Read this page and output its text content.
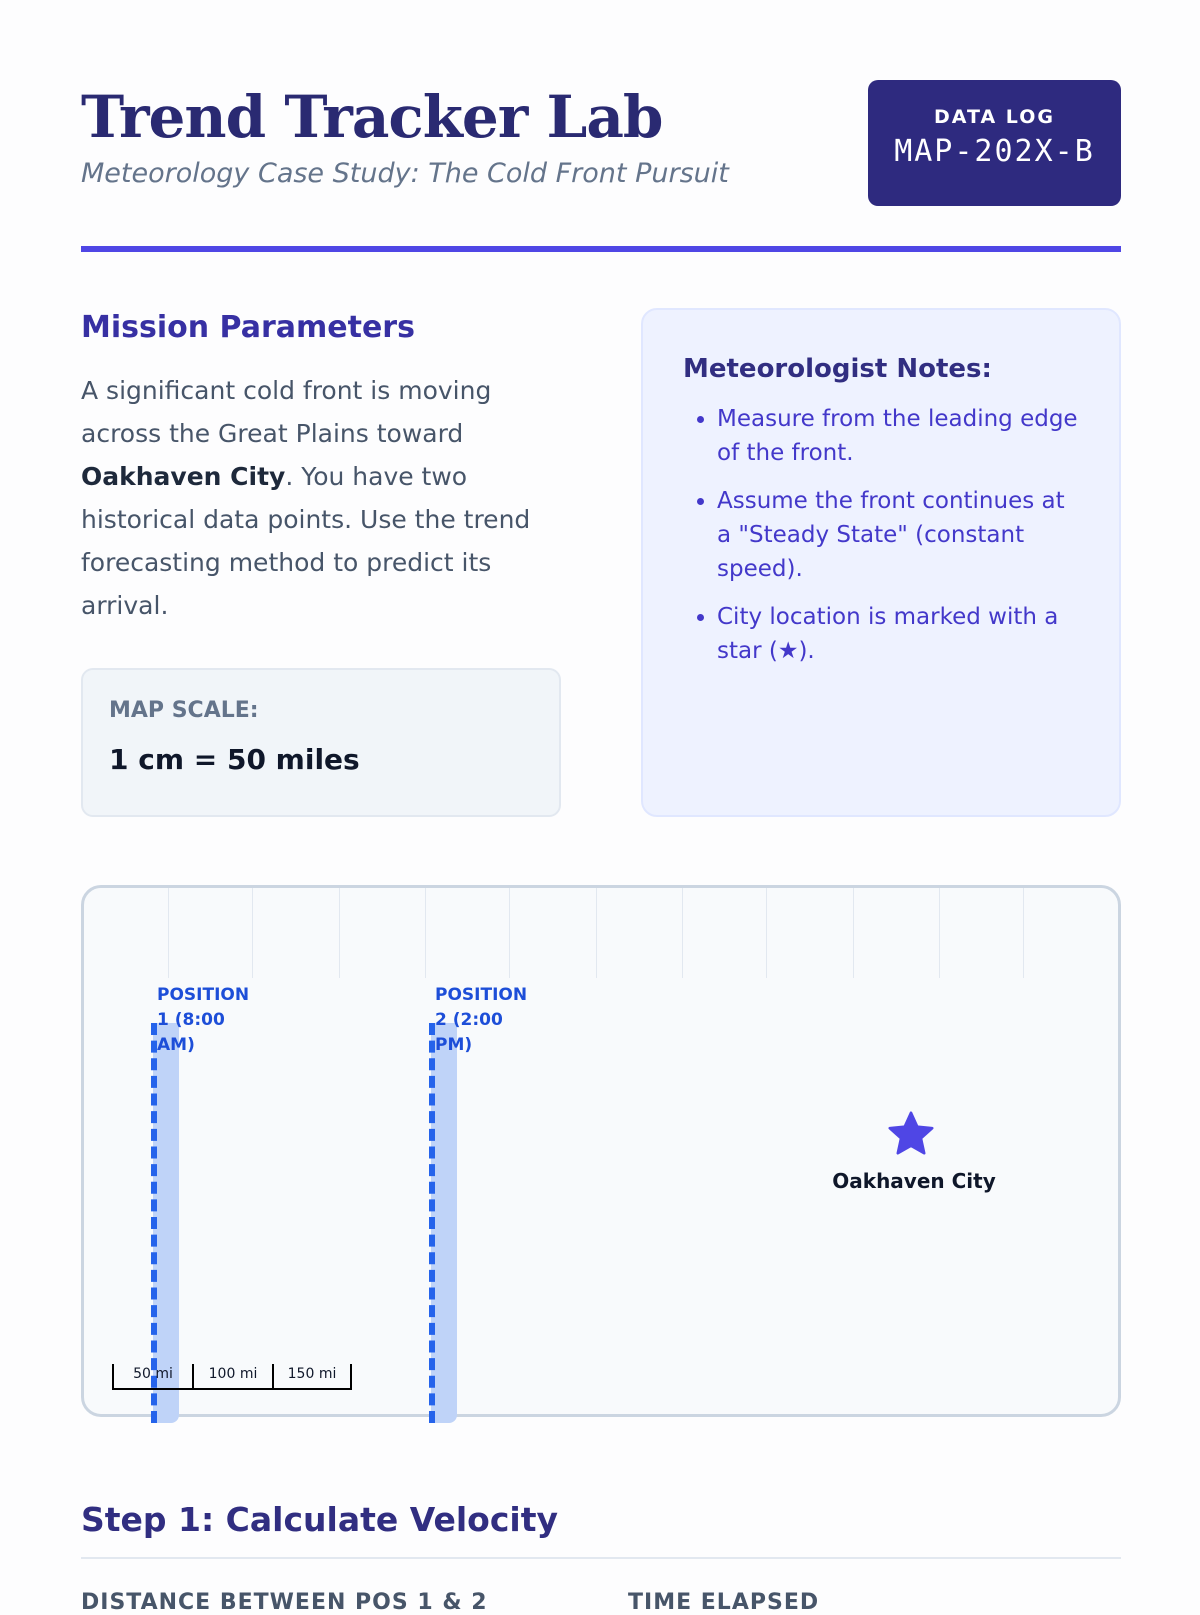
Trend Tracker Lab
Meteorology Case Study: The Cold Front Pursuit
DATA LOG
MAP-202X-B
Mission Parameters

A significant cold front is moving across the Great Plains toward Oakhaven City. You have two historical data points. Use the trend forecasting method to predict its arrival.

MAP SCALE:
1 cm = 50 miles
Meteorologist Notes:
• Measure from the leading edge of the front.
• Assume the front continues at a "Steady State" (constant speed).
• City location is marked with a star (★).
POSITION 1 (8:00 AM)
POSITION 2 (2:00 PM)
Oakhaven City
50 mi	100 mi	150 mi
Step 1: Calculate Velocity
DISTANCE BETWEEN POS 1 & 2	TIME ELAPSED
